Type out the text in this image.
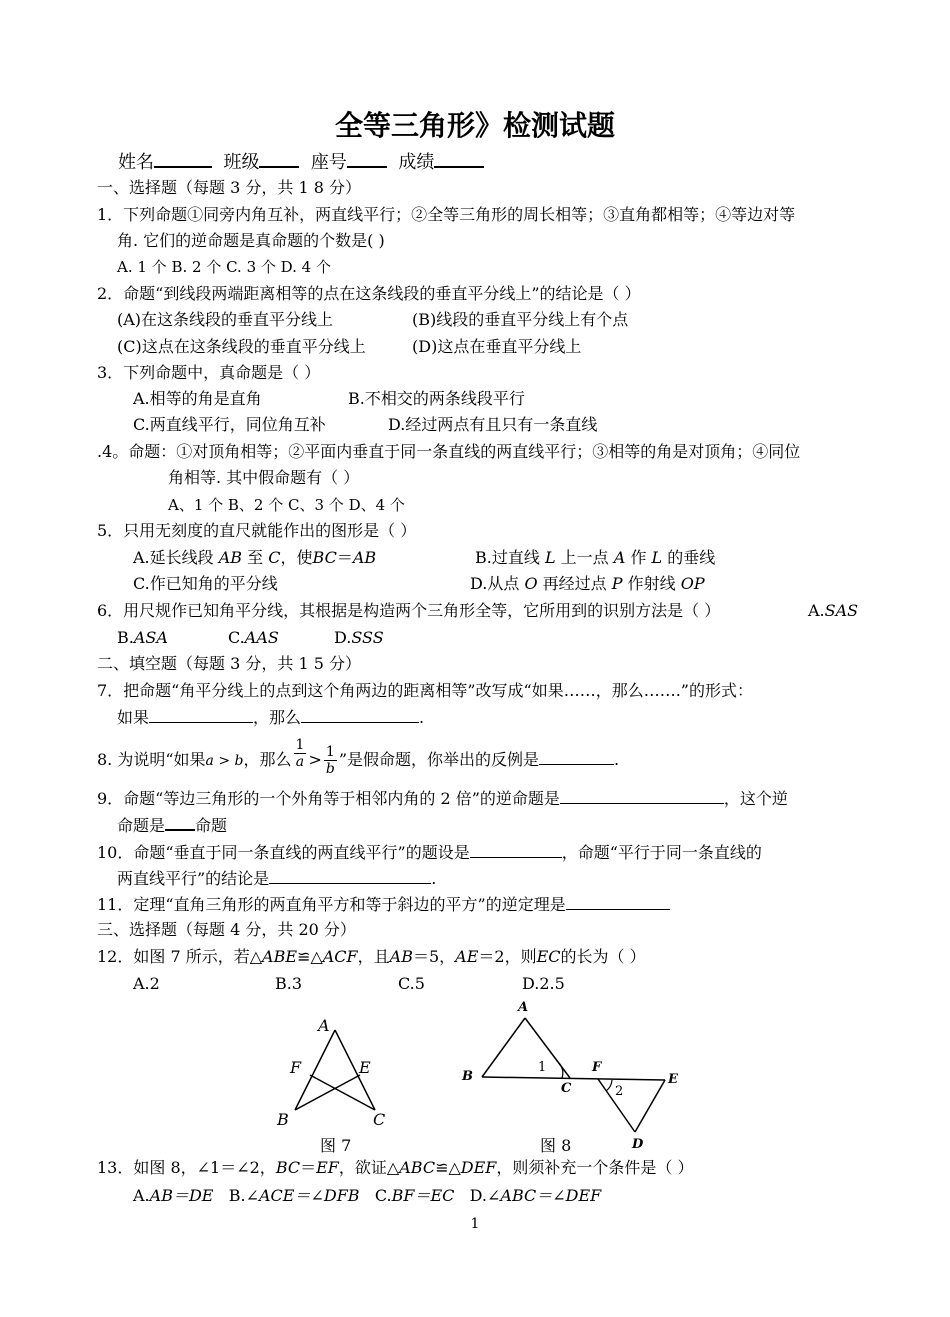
全等三角形》检测试题
姓名	班级	座号	成绩
一、选择题（每题 3 分，共 1 8 分）
1．下列命题①同旁内角互补，两直线平行；②全等三角形的周长相等；③直角都相等；④等边对等
角. 它们的逆命题是真命题的个数是( )
A. 1 个 B. 2 个 C. 3 个 D. 4 个
2．命题“到线段两端距离相等的点在这条线段的垂直平分线上”的结论是（ ）
(A)在这条线段的垂直平分线上	(B)线段的垂直平分线上有个点
(C)这点在这条线段的垂直平分线上	(D)这点在垂直平分线上
3．下列命题中，真命题是（ ）
A.相等的角是直角	B.不相交的两条线段平行
C.两直线平行，同位角互补	D.经过两点有且只有一条直线
.4。命题：①对顶角相等；②平面内垂直于同一条直线的两直线平行；③相等的角是对顶角；④同位
角相等. 其中假命题有（ ）
A、1 个 B、2 个 C、3 个 D、4 个
5．只用无刻度的直尺就能作出的图形是（ ）
A.延长线段 AB 至 C，使BC＝AB	B.过直线 L 上一点 A 作 L 的垂线
C.作已知角的平分线	D.从点 O 再经过点 P 作射线 OP
6．用尺规作已知角平分线，其根据是构造两个三角形全等，它所用到的识别方法是（ ）	A.SAS
B.ASA	C.AAS	D.SSS
二、填空题（每题 3 分，共 1 5 分）
7．把命题“角平分线上的点到这个角两边的距离相等”改写成“如果……，那么…….”的形式：
如果	，那么	.
8. 为说明“如果a > b，那么 $\frac{1}{a} > \frac{1}{b}$ ”是假命题，你举出的反例是	.
9．命题“等边三角形的一个外角等于相邻内角的 2 倍”的逆命题是	，这个逆
命题是 命题
10．命题“垂直于同一条直线的两直线平行”的题设是	，命题“平行于同一条直线的
两直线平行”的结论是	.
11．定理“直角三角形的两直角平方和等于斜边的平方”的逆定理是
三、选择题（每题 4 分，共 20 分）
12．如图 7 所示，若△ABE≌△ACF，且AB＝5，AE＝2，则EC的长为（ ）
A.2	B.3	C.5	D.2.5
A
F	E
B	C
图 7
A
B
C
F
E
D
1
2
图 8
13．如图 8，∠1＝∠2，BC＝EF，欲证△ABC≌△DEF，则须补充一个条件是（ ）
A.AB＝DE B.∠ACE＝∠DFB C.BF＝EC D.∠ABC＝∠DEF
1
